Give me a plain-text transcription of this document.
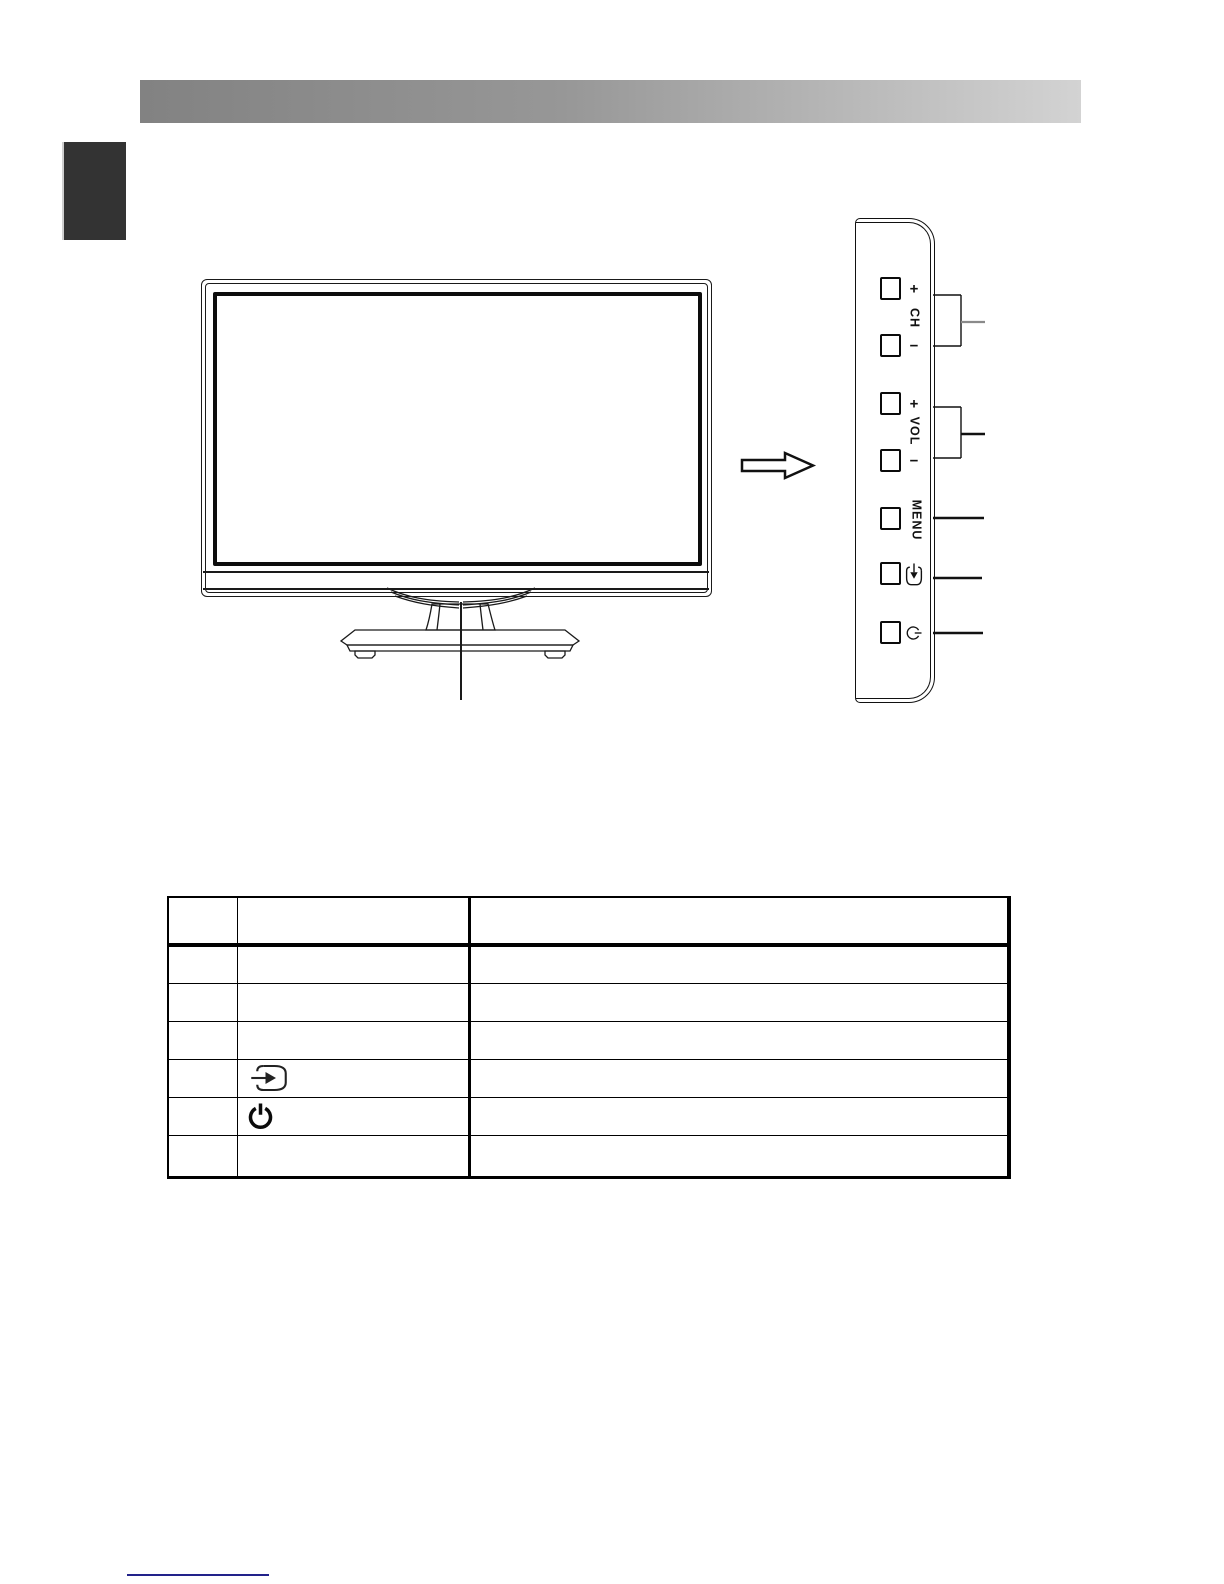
+
CH
−
+
VOL
−
MENU
